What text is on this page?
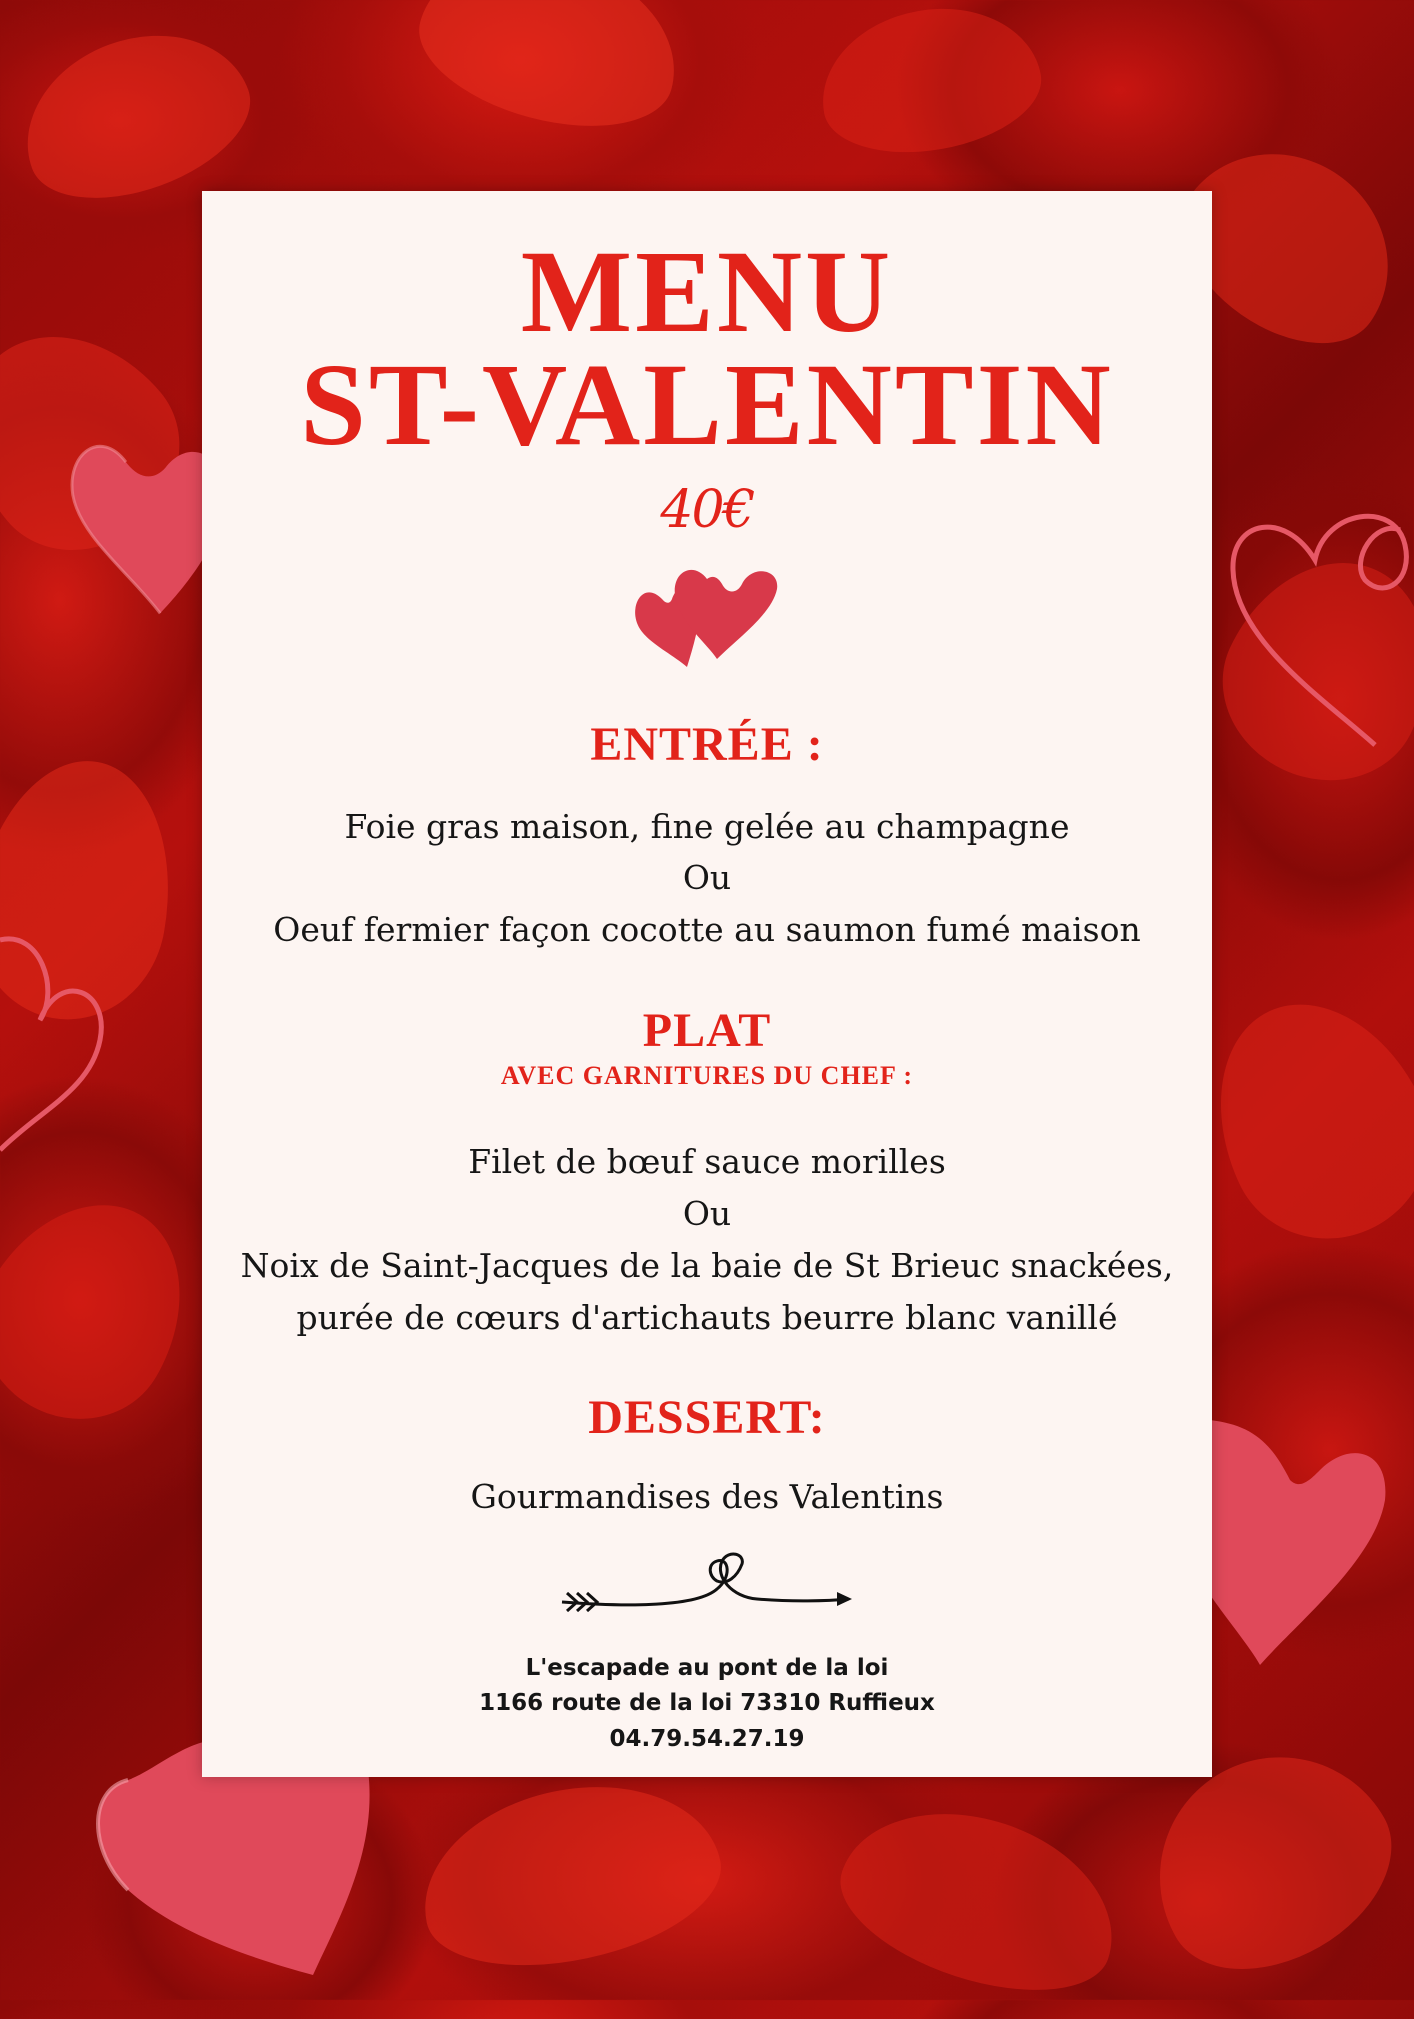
MENU
ST-VALENTIN
40€
ENTRÉE :
Foie gras maison, fine gelée au champagne
Ou
Oeuf fermier façon cocotte au saumon fumé maison
PLAT
AVEC GARNITURES DU CHEF :
Filet de bœuf sauce morilles
Ou
Noix de Saint-Jacques de la baie de St Brieuc snackées,
purée de cœurs d'artichauts beurre blanc vanillé
DESSERT:
Gourmandises des Valentins
L'escapade au pont de la loi
1166 route de la loi 73310 Ruffieux
04.79.54.27.19
